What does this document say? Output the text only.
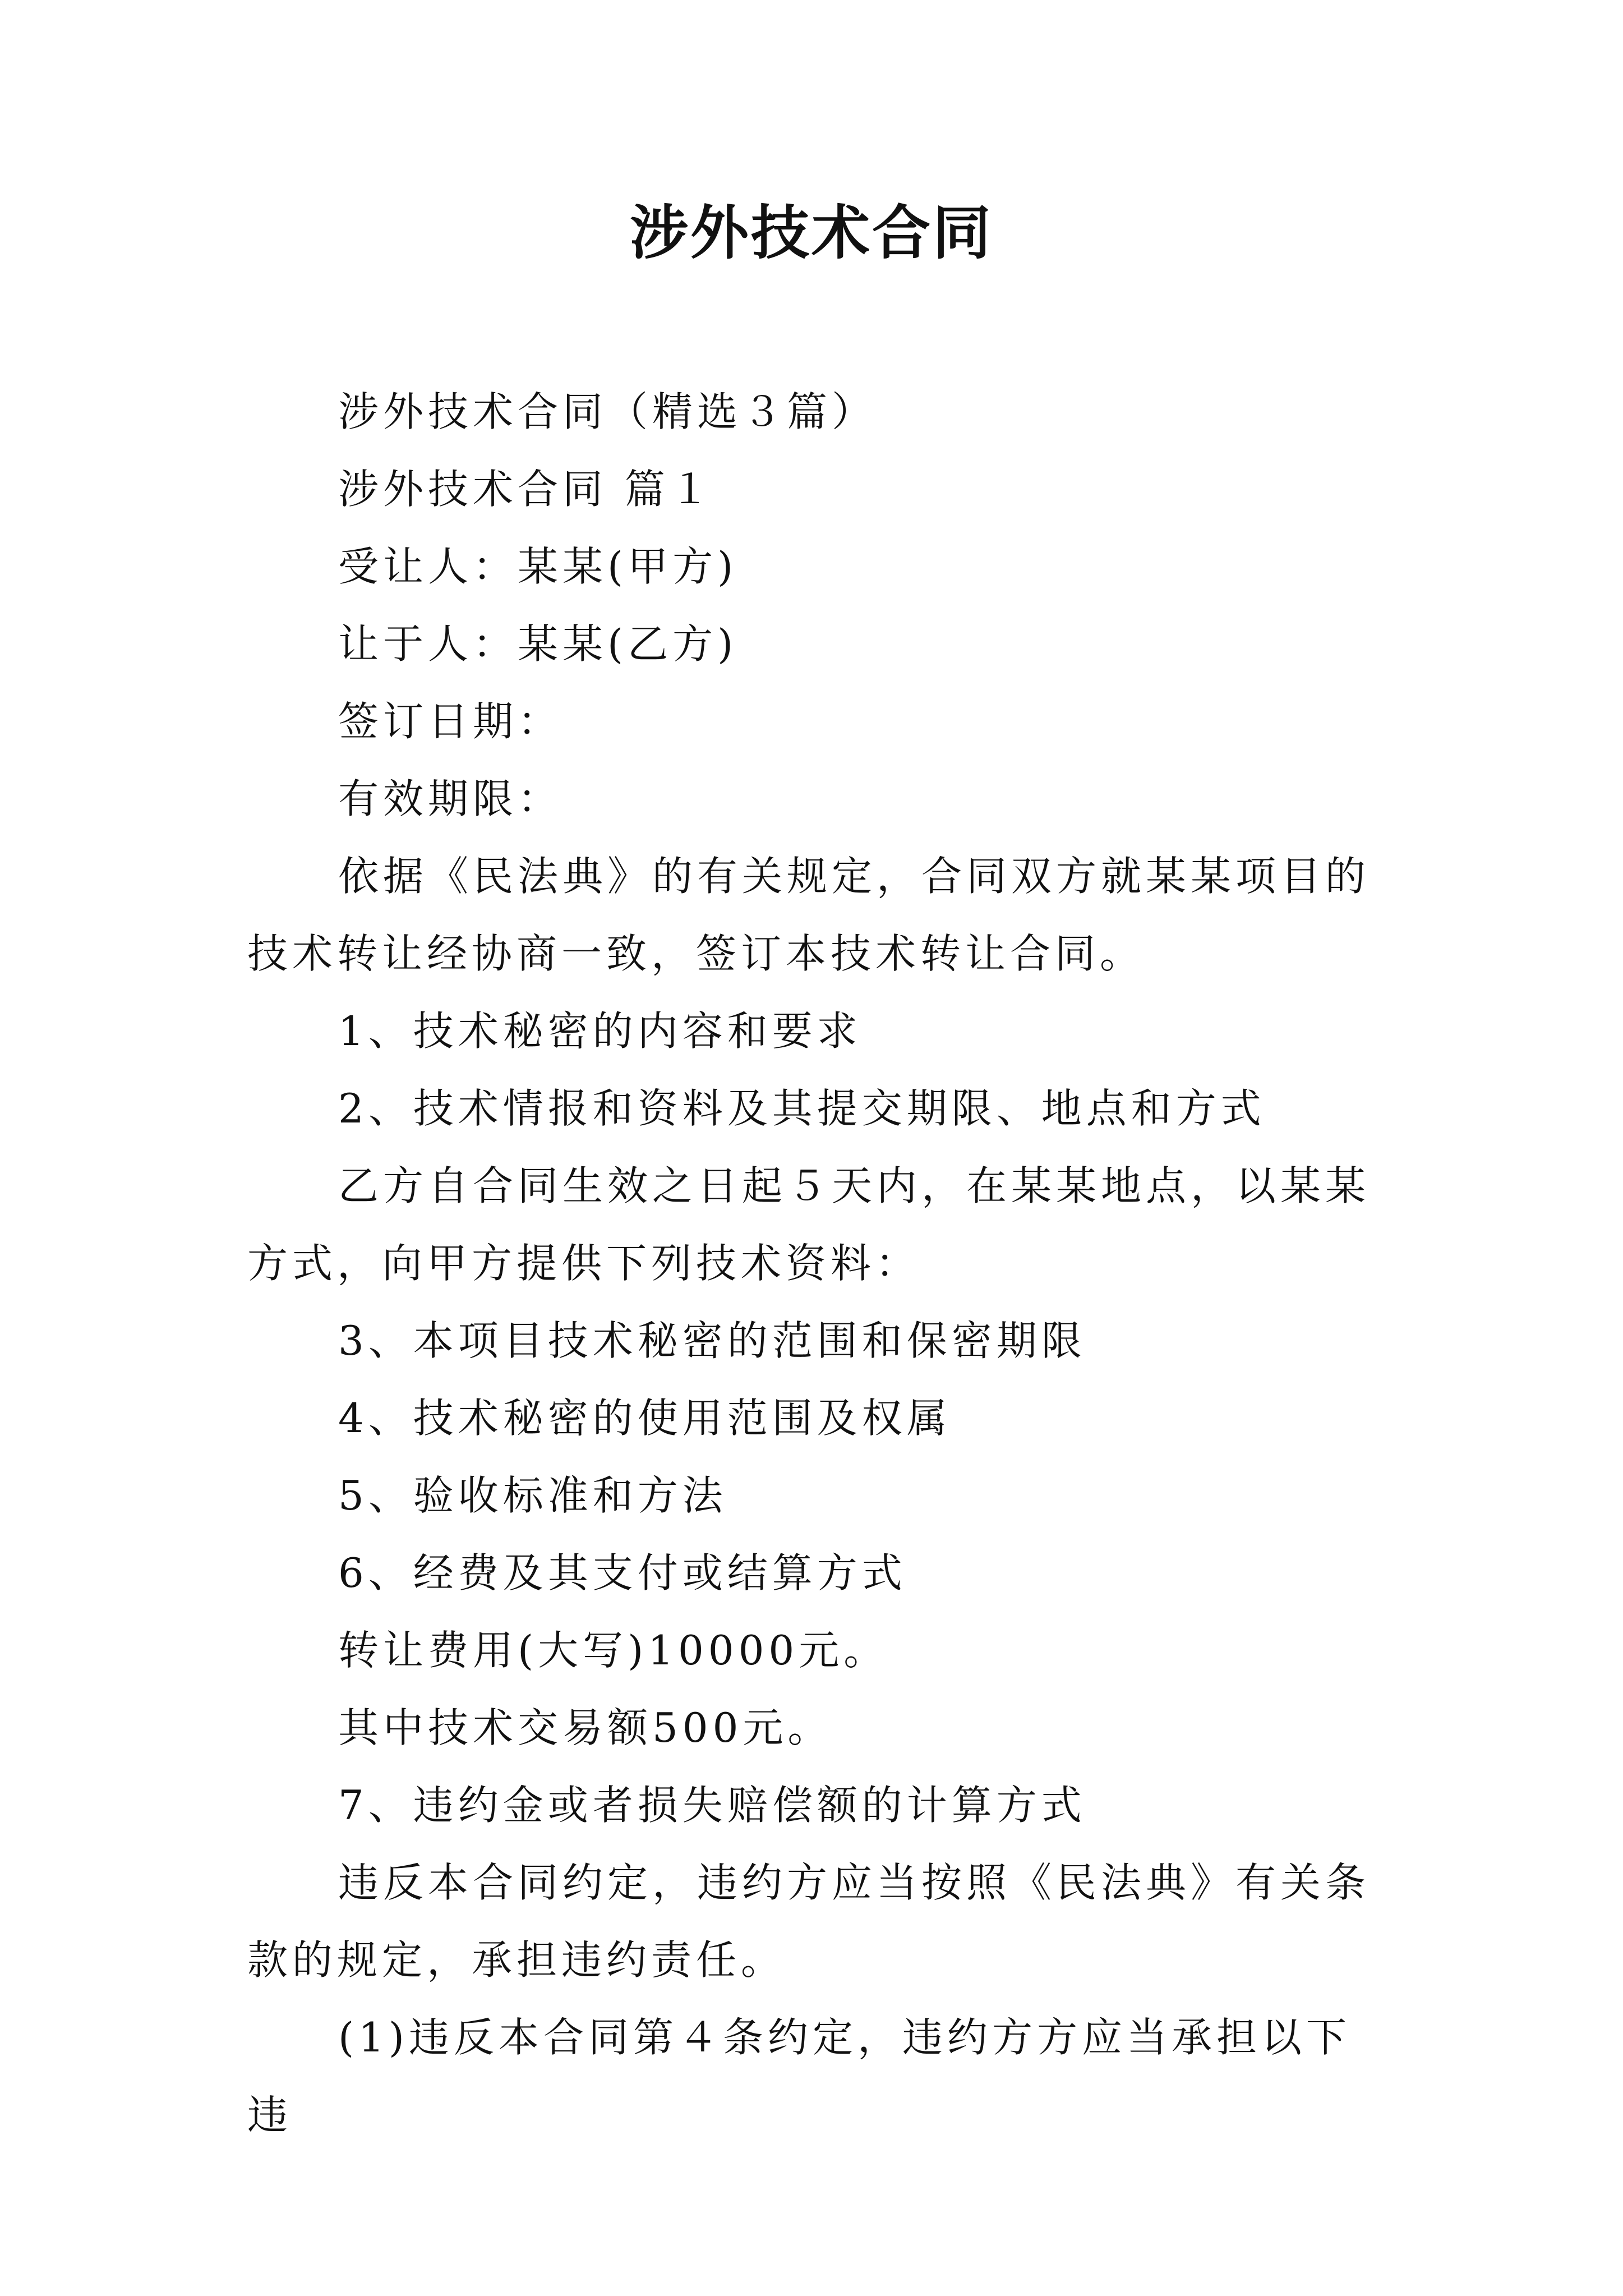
涉外技术合同

涉外技术合同（精选３篇）

涉外技术合同 篇１

受让人：某某(甲方)

让于人：某某(乙方)

签订日期：

有效期限：

依据《民法典》的有关规定，合同双方就某某项目的技术转让经协商一致，签订本技术转让合同。

1、技术秘密的内容和要求

2、技术情报和资料及其提交期限、地点和方式

乙方自合同生效之日起５天内，在某某地点，以某某方式，向甲方提供下列技术资料：

3、本项目技术秘密的范围和保密期限

4、技术秘密的使用范围及权属

5、验收标准和方法

6、经费及其支付或结算方式

转让费用(大写)10000元。

其中技术交易额500元。

7、违约金或者损失赔偿额的计算方式

违反本合同约定，违约方应当按照《民法典》有关条款的规定，承担违约责任。

(1)违反本合同第４条约定，违约方方应当承担以下违
